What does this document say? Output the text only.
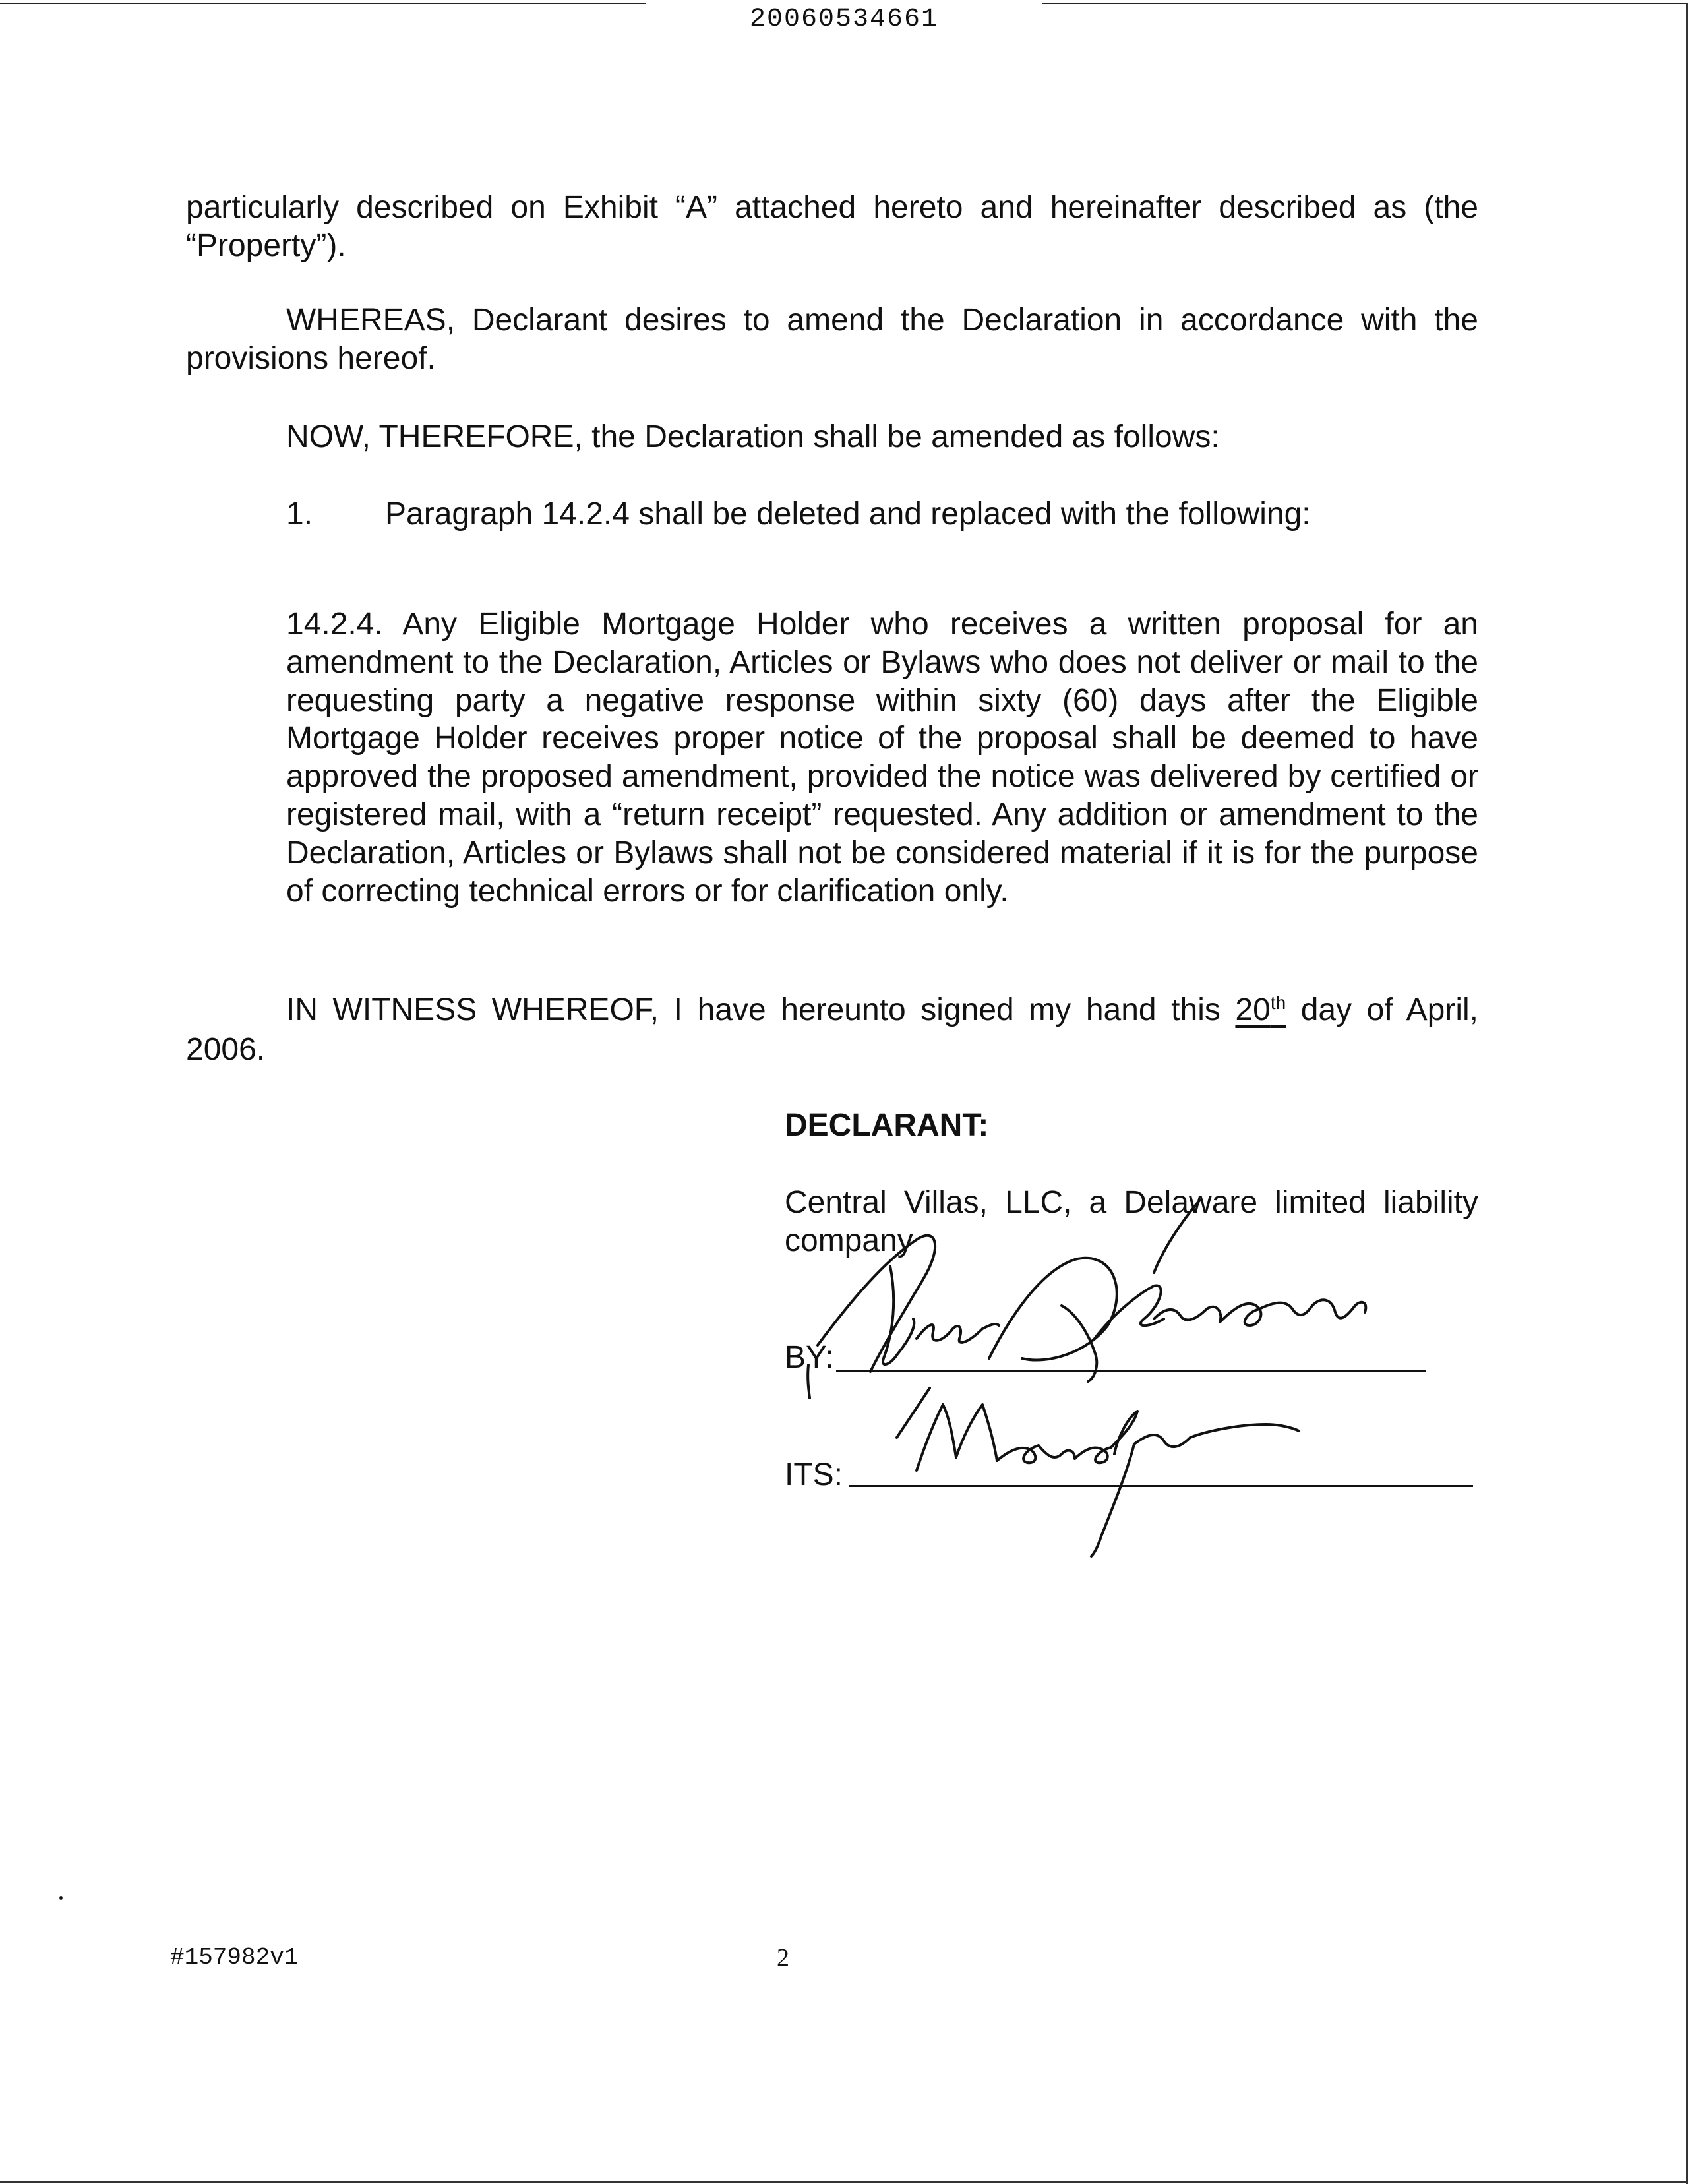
20060534661

particularly described on Exhibit “A” attached hereto and hereinafter described as (the “Property”).

WHEREAS, Declarant desires to amend the Declaration in accordance with the provisions hereof.

NOW, THEREFORE, the Declaration shall be amended as follows:

1. Paragraph 14.2.4 shall be deleted and replaced with the following:

14.2.4. Any Eligible Mortgage Holder who receives a written proposal for an amendment to the Declaration, Articles or Bylaws who does not deliver or mail to the requesting party a negative response within sixty (60) days after the Eligible Mortgage Holder receives proper notice of the proposal shall be deemed to have approved the proposed amendment, provided the notice was delivered by certified or registered mail, with a “return receipt” requested. Any addition or amendment to the Declaration, Articles or Bylaws shall not be considered material if it is for the purpose of correcting technical errors or for clarification only.

IN WITNESS WHEREOF, I have hereunto signed my hand this 20th day of April,

2006.

DECLARANT:

Central Villas, LLC, a Delaware limited liability company

BY:
ITS:
#157982v1	2
